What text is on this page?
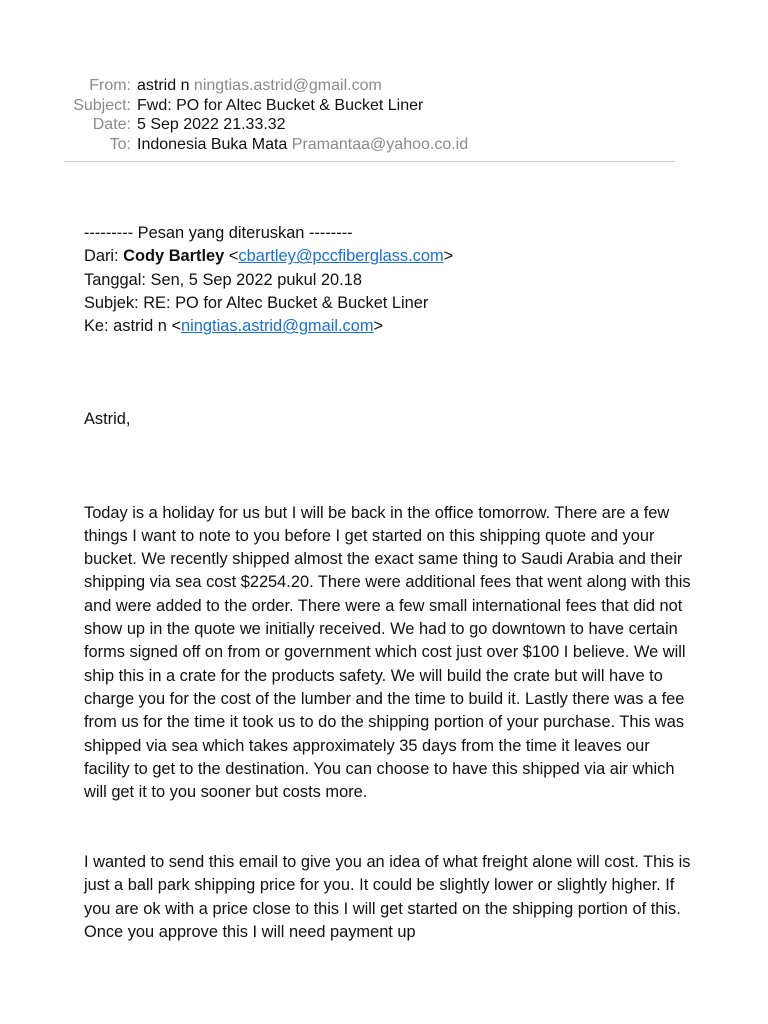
From: astrid n ningtias.astrid@gmail.com
Subject: Fwd: PO for Altec Bucket & Bucket Liner
Date: 5 Sep 2022 21.33.32
To: Indonesia Buka Mata Pramantaa@yahoo.co.id

--------- Pesan yang diteruskan --------

Dari: Cody Bartley <cbartley@pccfiberglass.com>

Tanggal: Sen, 5 Sep 2022 pukul 20.18

Subjek: RE: PO for Altec Bucket & Bucket Liner

Ke: astrid n <ningtias.astrid@gmail.com>

Astrid,

Today is a holiday for us but I will be back in the office tomorrow. There are a few things I want to note to you before I get started on this shipping quote and your bucket. We recently shipped almost the exact same thing to Saudi Arabia and their shipping via sea cost $2254.20. There were additional fees that went along with this and were added to the order. There were a few small international fees that did not show up in the quote we initially received. We had to go downtown to have certain forms signed off on from or government which cost just over $100 I believe. We will ship this in a crate for the products safety. We will build the crate but will have to charge you for the cost of the lumber and the time to build it. Lastly there was a fee from us for the time it took us to do the shipping portion of your purchase. This was shipped via sea which takes approximately 35 days from the time it leaves our facility to get to the destination. You can choose to have this shipped via air which will get it to you sooner but costs more.

I wanted to send this email to give you an idea of what freight alone will cost. This is just a ball park shipping price for you. It could be slightly lower or slightly higher. If you are ok with a price close to this I will get started on the shipping portion of this. Once you approve this I will need payment up
